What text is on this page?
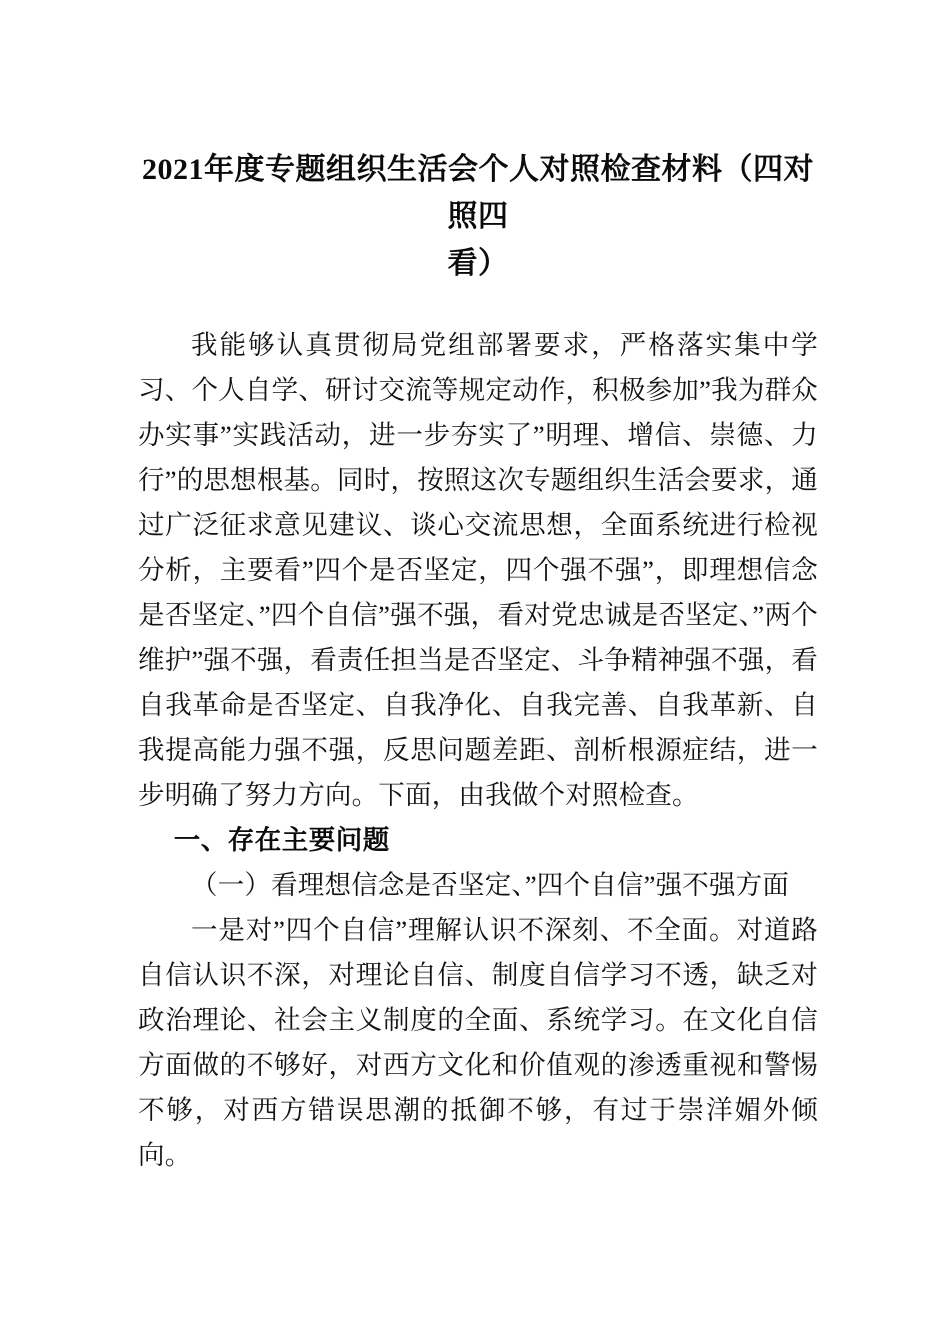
2021年度专题组织生活会个人对照检查材料（四对照四
看）

我能够认真贯彻局党组部署要求，严格落实集中学习、个人自学、研讨交流等规定动作，积极参加”我为群众办实事”实践活动，进一步夯实了”明理、增信、崇德、力行”的思想根基。同时，按照这次专题组织生活会要求，通过广泛征求意见建议、谈心交流思想，全面系统进行检视分析，主要看”四个是否坚定，四个强不强”，即理想信念是否坚定、”四个自信”强不强，看对党忠诚是否坚定、”两个维护”强不强，看责任担当是否坚定、斗争精神强不强，看自我革命是否坚定、自我净化、自我完善、自我革新、自我提高能力强不强，反思问题差距、剖析根源症结，进一步明确了努力方向。下面，由我做个对照检查。

一、存在主要问题
（一）看理想信念是否坚定、”四个自信”强不强方面

一是对”四个自信”理解认识不深刻、不全面。对道路自信认识不深，对理论自信、制度自信学习不透，缺乏对政治理论、社会主义制度的全面、系统学习。在文化自信方面做的不够好，对西方文化和价值观的渗透重视和警惕不够，对西方错误思潮的抵御不够，有过于崇洋媚外倾向。
